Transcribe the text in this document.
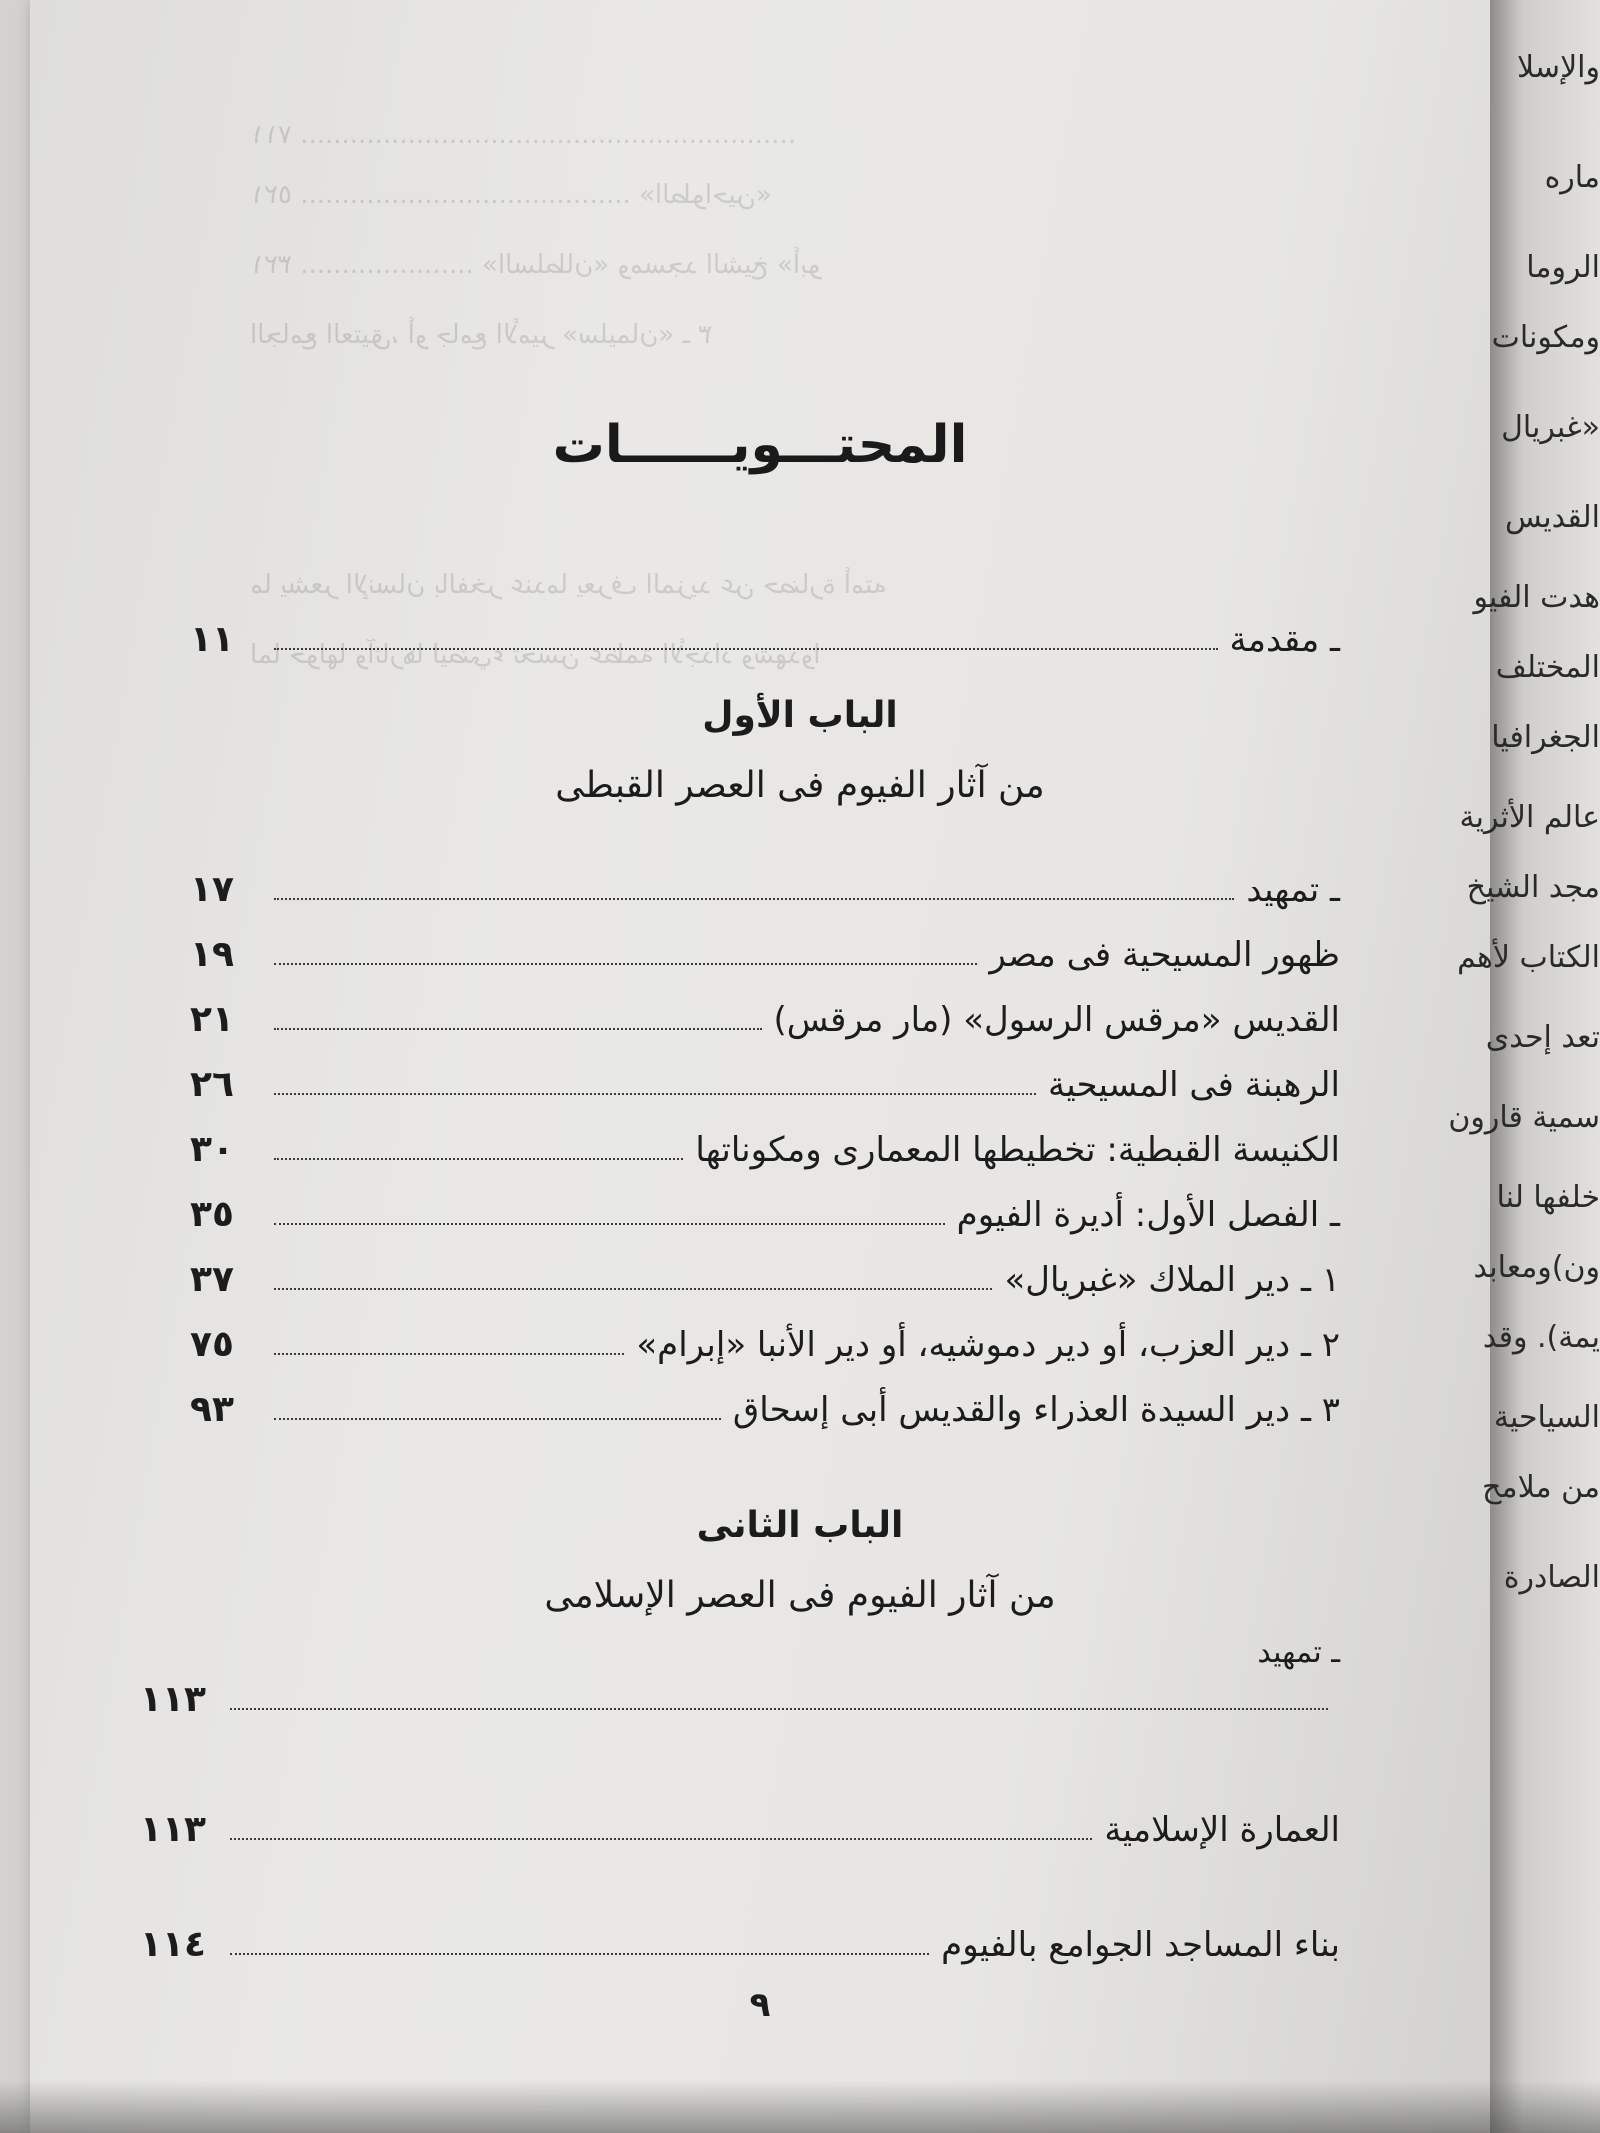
‏٧١١ ............................................................
‏٥٢١ ........................................ «الطواحين»
‏٣٢١ ..................... «السلطان» ومسجد الشيخ «أبو
‏الجامع العتيق، أو جامع الأمير «سليمان» ـ ٣
ما يشعر الإنسان بالفخر عندما يعرف المزيد عن حضارة أمته
لما حولها وآثارها ليضيء تحسن عظمة الأجداد وشهدوا
المحتـــويــــــات
ـ مقدمة
١١
الباب الأول
من آثار الفيوم فى العصر القبطى
ـ تمهيد
١٧
ظهور المسيحية فى مصر
١٩
القديس «مرقس الرسول» (مار مرقس)
٢١
الرهبنة فى المسيحية
٢٦
الكنيسة القبطية: تخطيطها المعمارى ومكوناتها
٣٠
ـ الفصل الأول: أديرة الفيوم
٣٥
١ ـ دير الملاك «غبريال»
٣٧
٢ ـ دير العزب، أو دير دموشيه، أو دير الأنبا «إبرام»
٧٥
٣ ـ دير السيدة العذراء والقديس أبى إسحاق
٩٣
الباب الثانى
من آثار الفيوم فى العصر الإسلامى
ـ تمهيد
١١٣
العمارة الإسلامية
١١٣
بناء المساجد الجوامع بالفيوم
١١٤
٩
والإسلا
ماره
الروما
ومكونات
«غبريال
القديس
هدت الفيو
المختلف
الجغرافيا
عالم الأثرية
مجد الشيخ
الكتاب لأهم
تعد إحدى
سمية قارون
خلفها لنا
ون)ومعابد
يمة). وقد
السياحية
من ملامح
الصادرة
